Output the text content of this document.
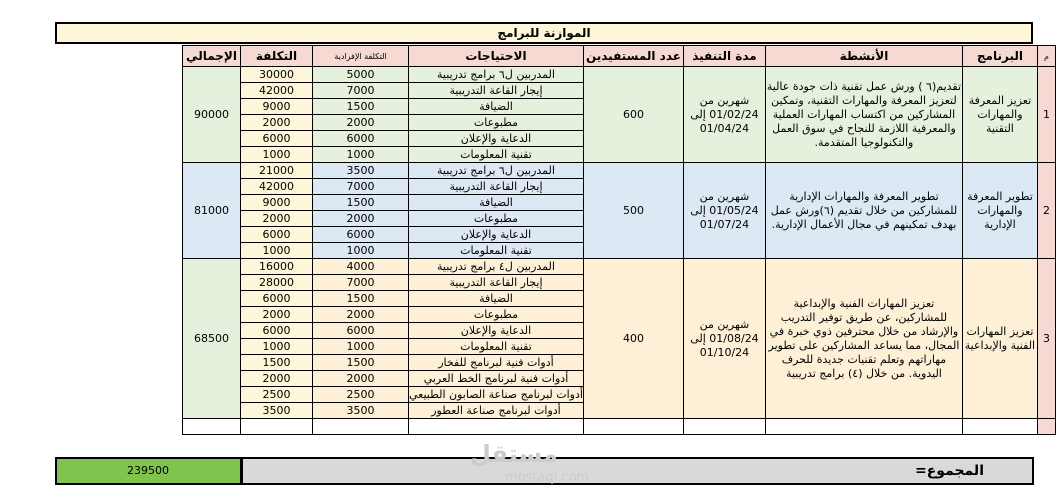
الموازنة للبرامج
الإجمالي	التكلفة	التكلفة الإفرادية	الاحتياجات	عدد المستفيدين	مدة التنفيذ	الأنشطة	البرنامج	م
90000	30000	5000	المدربين ل٦ برامج تدريبية	600	شهرين من 01/02/24 إلى 01/04/24	تقديم(٦ ) ورش عمل تقنية ذات جودة عالية لتعزيز المعرفة والمهارات التقنية، وتمكين المشاركين من اكتساب المهارات العملية والمعرفية اللازمة للنجاح في سوق العمل والتكنولوجيا المتقدمة.	تعزيز المعرفة والمهارات التقنية	1
	42000	7000	إيجار القاعة التدريبية					
	9000	1500	الضيافة					
	2000	2000	مطبوعات					
	6000	6000	الدعاية والإعلان					
	1000	1000	تقنية المعلومات					
81000	21000	3500	المدربين ل٦ برامج تدريبية	500	شهرين من 01/05/24 إلى 01/07/24	تطوير المعرفة والمهارات الإدارية للمشاركين من خلال تقديم (٦)ورش عمل بهدف تمكينهم في مجال الأعمال الإدارية.	تطوير المعرفة والمهارات الإدارية	2
	42000	7000	إيجار القاعة التدريبية					
	9000	1500	الضيافة					
	2000	2000	مطبوعات					
	6000	6000	الدعاية والإعلان					
	1000	1000	تقنية المعلومات					
68500	16000	4000	المدربين ل٤ برامج تدريبية	400	شهرين من 01/08/24 إلى 01/10/24	تعزيز المهارات الفنية والإبداعية للمشاركين، عن طريق توفير التدريب والإرشاد من خلال محترفين ذوي خبرة في المجال، مما يساعد المشاركين على تطوير مهاراتهم وتعلم تقنيات جديدة للحرف اليدوية. من خلال (٤) برامج تدريبية	تعزيز المهارات الفنية والإبداعية	3
	28000	7000	إيجار القاعة التدريبية					
	6000	1500	الضيافة					
	2000	2000	مطبوعات					
	6000	6000	الدعاية والإعلان					
	1000	1000	تقنية المعلومات					
	1500	1500	أدوات فنية لبرنامج للفخار					
	2000	2000	أدوات فنية لبرنامج الخط العربي					
	2500	2500	أدوات لبرنامج صناعة الصابون الطبيعي					
	3500	3500	أدوات لبرنامج صناعة العطور					

239500	المجموع=
مستقل
mostaql.com
